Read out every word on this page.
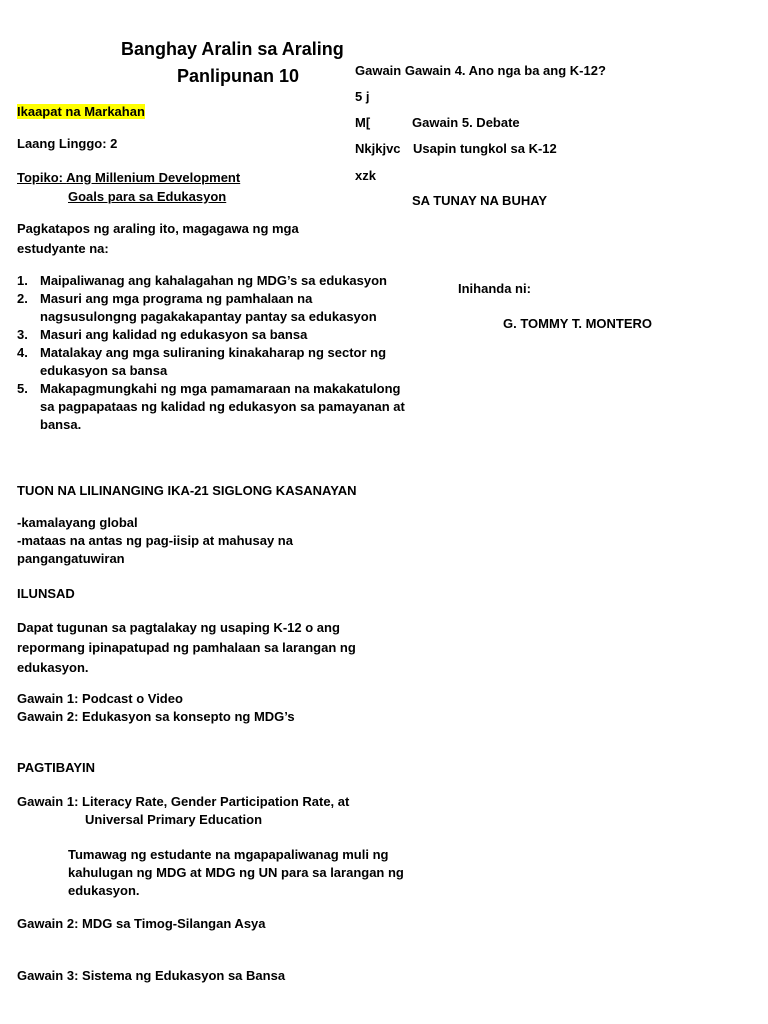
Banghay Aralin sa Araling
Panlipunan 10
Ikaapat na Markahan
Laang Linggo: 2
Topiko: Ang Millenium Development
Goals para sa Edukasyon
Pagkatapos ng araling ito, magagawa ng mga estudyante na:
1. Maipaliwanag ang kahalagahan ng MDG’s sa edukasyon
2. Masuri ang mga programa ng pamhalaan na nagsusulongng pagakakapantay pantay sa edukasyon
3. Masuri ang kalidad ng edukasyon sa bansa
4. Matalakay ang mga suliraning kinakaharap ng sector ng edukasyon sa bansa
5. Makapagmungkahi ng mga pamamaraan na makakatulong sa pagpapataas ng kalidad ng edukasyon sa pamayanan at bansa.
TUON NA LILINANGING IKA-21 SIGLONG KASANAYAN
-kamalayang global
-mataas na antas ng pag-iisip at mahusay na pangangatuwiran
ILUNSAD
Dapat tugunan sa pagtalakay ng usaping K-12 o ang repormang ipinapatupad ng pamhalaan sa larangan ng edukasyon.
Gawain 1: Podcast o Video
Gawain 2: Edukasyon sa konsepto ng MDG’s
PAGTIBAYIN
Gawain 1: Literacy Rate, Gender Participation Rate, at
Universal Primary Education
Tumawag ng estudante na mgapapaliwanag muli ng kahulugan ng MDG at MDG ng UN para sa larangan ng edukasyon.
Gawain 2: MDG sa Timog-Silangan Asya
Gawain 3: Sistema ng Edukasyon sa Bansa
Gawain Gawain 4. Ano nga ba ang K-12?
5 j
M[	Gawain 5. Debate
Nkjkjvc Usapin tungkol sa K-12
xzk
SA TUNAY NA BUHAY
Inihanda ni:
G. TOMMY T. MONTERO
